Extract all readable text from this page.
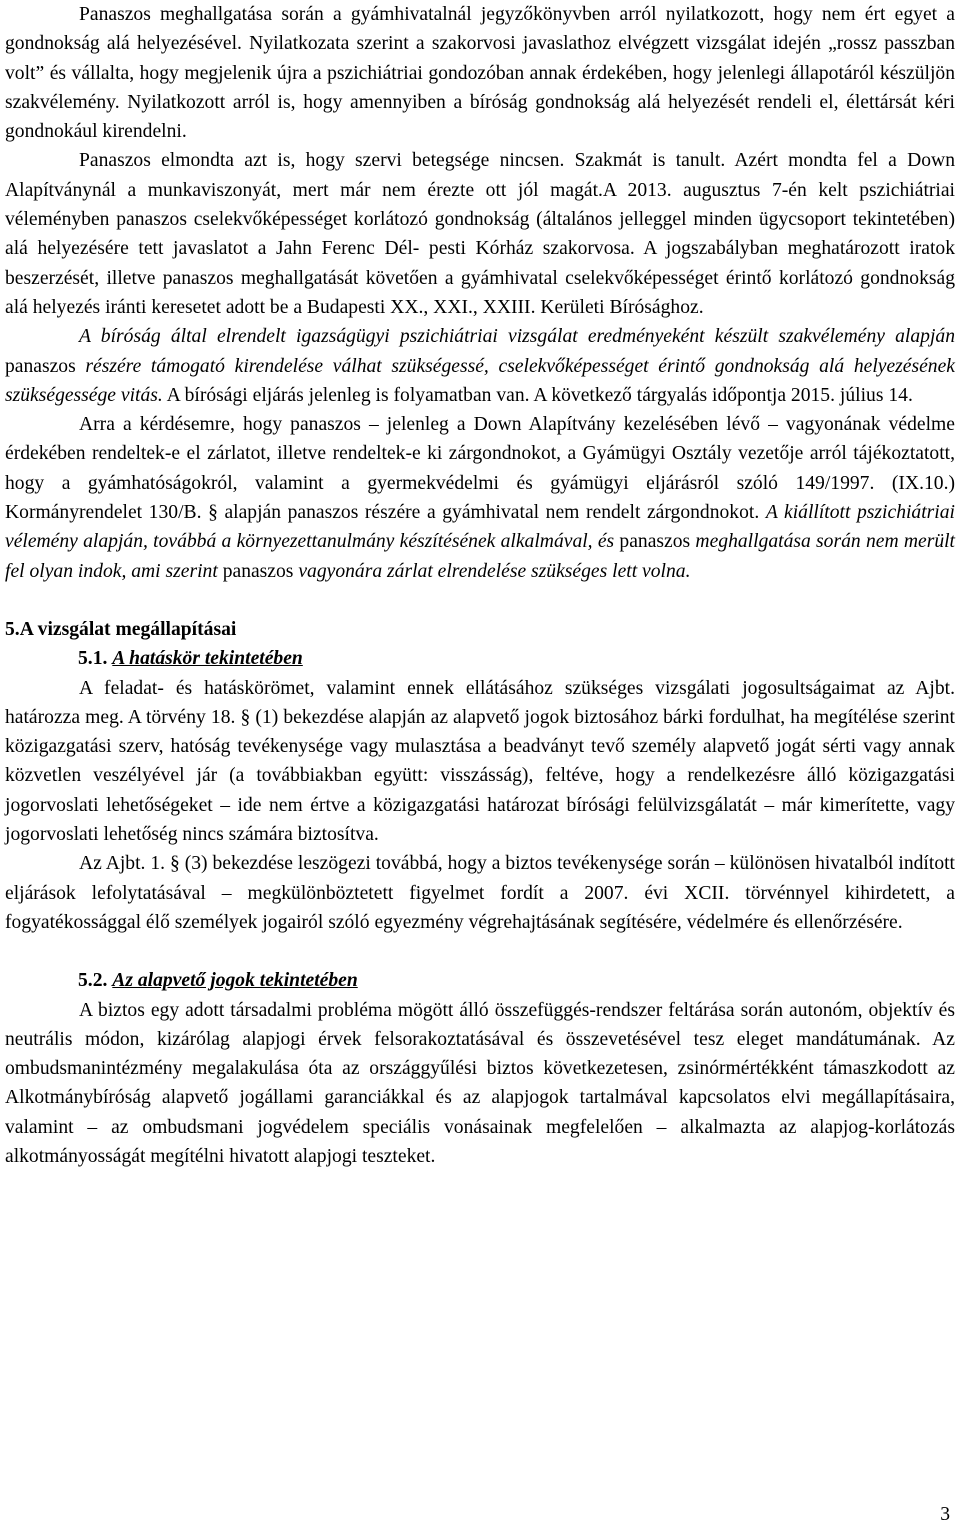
Panaszos meghallgatása során a gyámhivatalnál jegyzőkönyvben arról nyilatkozott, hogy nem ért egyet a gondnokság alá helyezésével. Nyilatkozata szerint a szakorvosi javaslathoz elvégzett vizsgálat idején „rossz passzban volt” és vállalta, hogy megjelenik újra a pszichiátriai gondozóban annak érdekében, hogy jelenlegi állapotáról készüljön szakvélemény. Nyilatkozott arról is, hogy amennyiben a bíróság gondnokság alá helyezését rendeli el, élettársát kéri gondnokául kirendelni.

Panaszos elmondta azt is, hogy szervi betegsége nincsen. Szakmát is tanult. Azért mondta fel a Down Alapítványnál a munkaviszonyát, mert már nem érezte ott jól magát.A 2013. augusztus 7-én kelt pszichiátriai véleményben panaszos cselekvőképességet korlátozó gondnokság (általános jelleggel minden ügycsoport tekintetében) alá helyezésére tett javaslatot a Jahn Ferenc Dél- pesti Kórház szakorvosa. A jogszabályban meghatározott iratok beszerzését, illetve panaszos meghallgatását követően a gyámhivatal cselekvőképességet érintő korlátozó gondnokság alá helyezés iránti keresetet adott be a Budapesti XX., XXI., XXIII. Kerületi Bírósághoz.

A bíróság által elrendelt igazságügyi pszichiátriai vizsgálat eredményeként készült szakvélemény alapján panaszos részére támogató kirendelése válhat szükségessé, cselekvőképességet érintő gondnokság alá helyezésének szükségessége vitás. A bírósági eljárás jelenleg is folyamatban van. A következő tárgyalás időpontja 2015. július 14.

Arra a kérdésemre, hogy panaszos – jelenleg a Down Alapítvány kezelésében lévő – vagyonának védelme érdekében rendeltek-e el zárlatot, illetve rendeltek-e ki zárgondnokot, a Gyámügyi Osztály vezetője arról tájékoztatott, hogy a gyámhatóságokról, valamint a gyermekvédelmi és gyámügyi eljárásról szóló 149/1997. (IX.10.) Kormányrendelet 130/B. § alapján panaszos részére a gyámhivatal nem rendelt zárgondnokot. A kiállított pszichiátriai vélemény alapján, továbbá a környezettanulmány készítésének alkalmával, és panaszos meghallgatása során nem merült fel olyan indok, ami szerint panaszos vagyonára zárlat elrendelése szükséges lett volna.

5.A vizsgálat megállapításai

5.1. A hatáskör tekintetében

A feladat- és hatáskörömet, valamint ennek ellátásához szükséges vizsgálati jogosultságaimat az Ajbt. határozza meg. A törvény 18. § (1) bekezdése alapján az alapvető jogok biztosához bárki fordulhat, ha megítélése szerint közigazgatási szerv, hatóság tevékenysége vagy mulasztása a beadványt tevő személy alapvető jogát sérti vagy annak közvetlen veszélyével jár (a továbbiakban együtt: visszásság), feltéve, hogy a rendelkezésre álló közigazgatási jogorvoslati lehetőségeket – ide nem értve a közigazgatási határozat bírósági felülvizsgálatát – már kimerítette, vagy jogorvoslati lehetőség nincs számára biztosítva.

Az Ajbt. 1. § (3) bekezdése leszögezi továbbá, hogy a biztos tevékenysége során – különösen hivatalból indított eljárások lefolytatásával – megkülönböztetett figyelmet fordít a 2007. évi XCII. törvénnyel kihirdetett, a fogyatékossággal élő személyek jogairól szóló egyezmény végrehajtásának segítésére, védelmére és ellenőrzésére.

5.2. Az alapvető jogok tekintetében

A biztos egy adott társadalmi probléma mögött álló összefüggés-rendszer feltárása során autonóm, objektív és neutrális módon, kizárólag alapjogi érvek felsorakoztatásával és összevetésével tesz eleget mandátumának. Az ombudsmanintézmény megalakulása óta az országgyűlési biztos következetesen, zsinórmértékként támaszkodott az Alkotmánybíróság alapvető jogállami garanciákkal és az alapjogok tartalmával kapcsolatos elvi megállapításaira, valamint – az ombudsmani jogvédelem speciális vonásainak megfelelően – alkalmazta az alapjog-korlátozás alkotmányosságát megítélni hivatott alapjogi teszteket.

3
